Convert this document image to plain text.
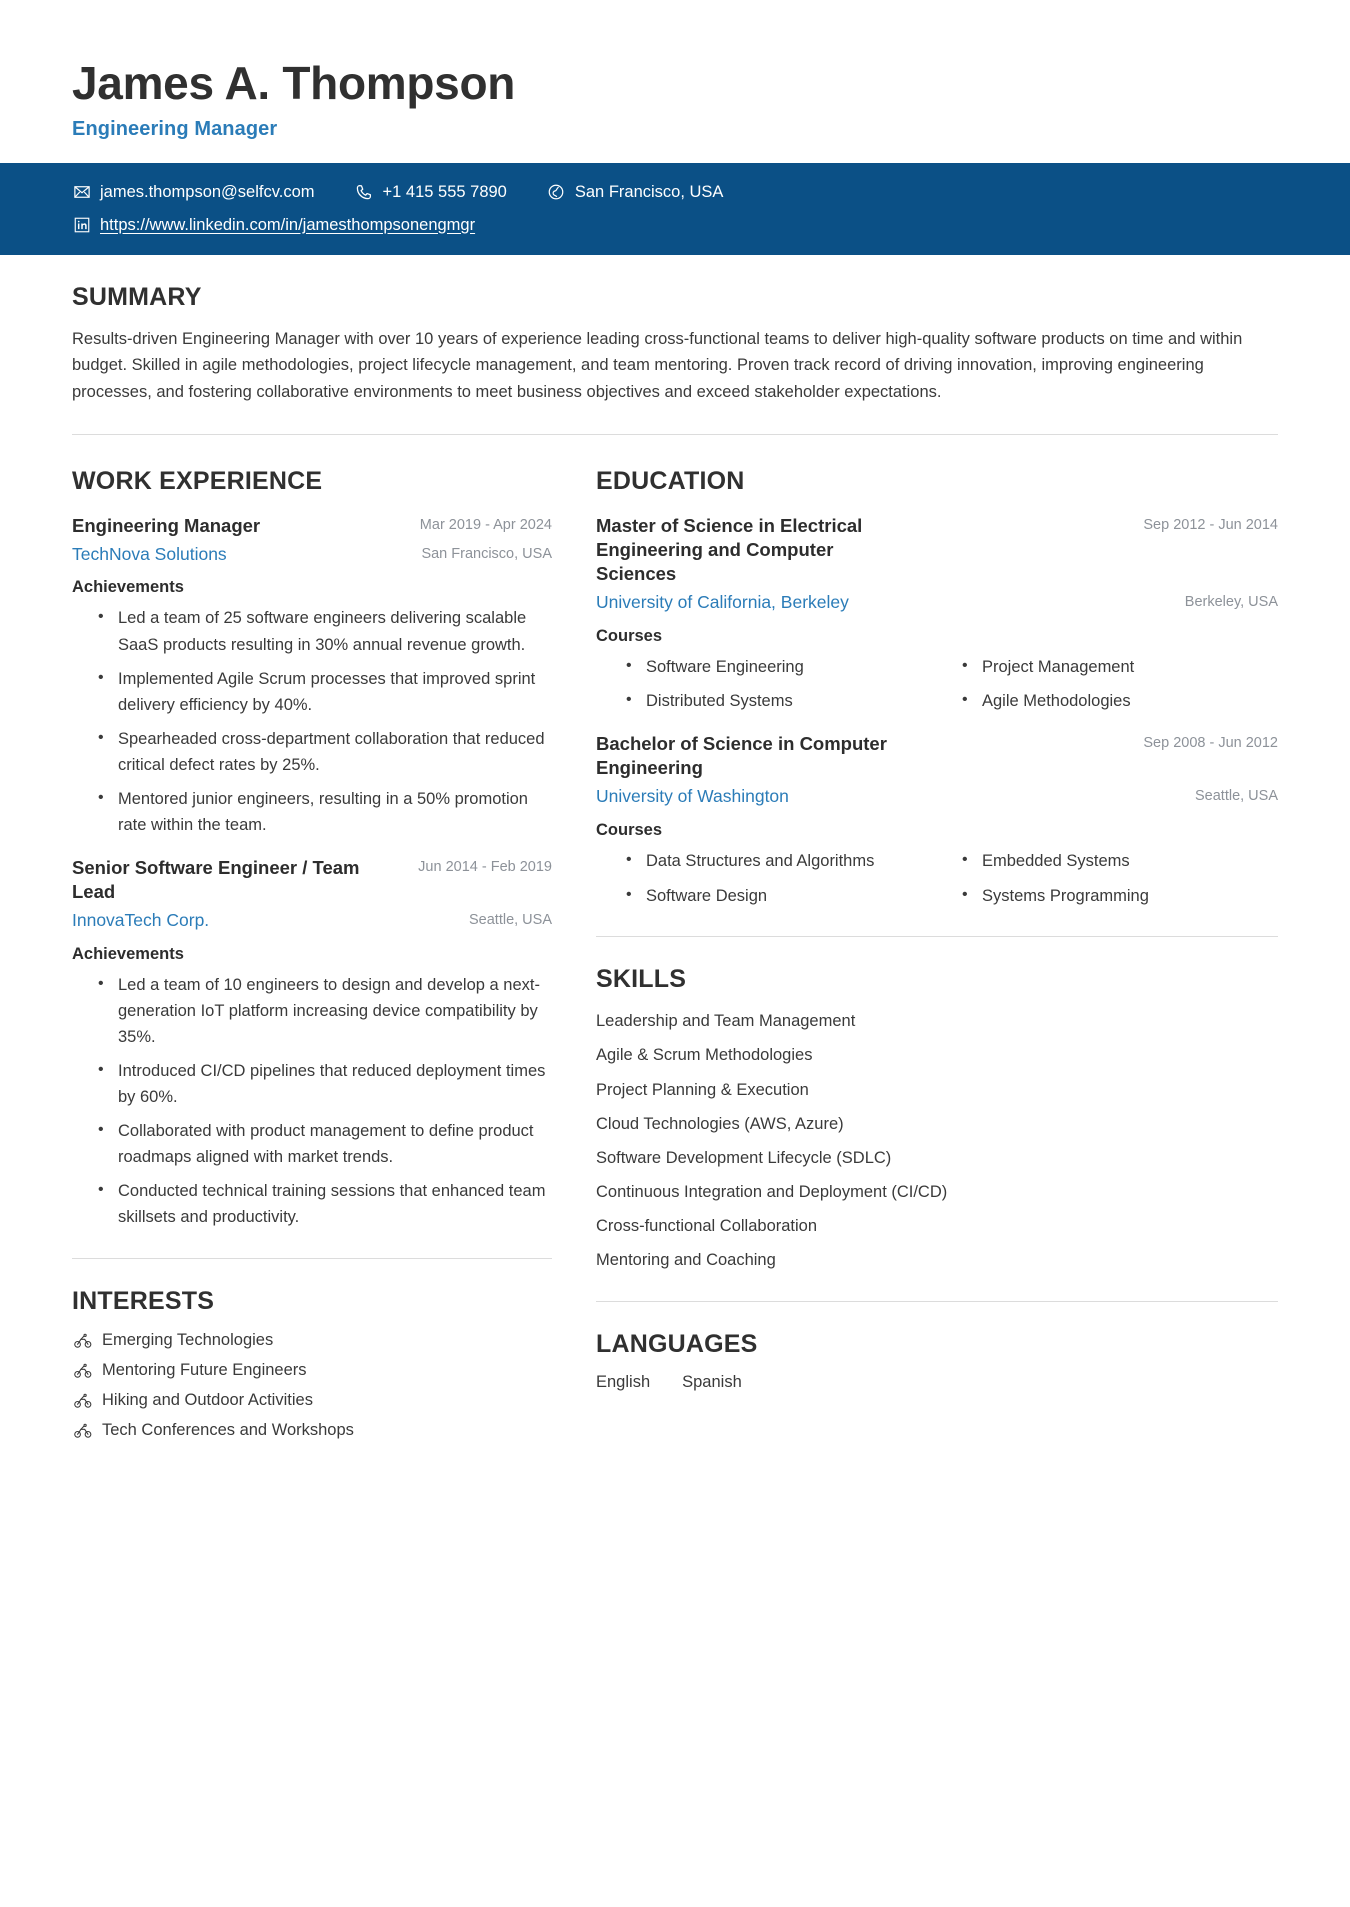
James A. Thompson
Engineering Manager
james.thompson@selfcv.com	+1 415 555 7890	San Francisco, USA
https://www.linkedin.com/in/jamesthompsonengmgr
SUMMARY
Results-driven Engineering Manager with over 10 years of experience leading cross-functional teams to deliver high-quality software products on time and within budget. Skilled in agile methodologies, project lifecycle management, and team mentoring. Proven track record of driving innovation, improving engineering processes, and fostering collaborative environments to meet business objectives and exceed stakeholder expectations.
WORK EXPERIENCE
Engineering Manager	Mar 2019 - Apr 2024
TechNova Solutions	San Francisco, USA
Achievements
• Led a team of 25 software engineers delivering scalable SaaS products resulting in 30% annual revenue growth.
• Implemented Agile Scrum processes that improved sprint delivery efficiency by 40%.
• Spearheaded cross-department collaboration that reduced critical defect rates by 25%.
• Mentored junior engineers, resulting in a 50% promotion rate within the team.
Senior Software Engineer / Team Lead
Jun 2014 - Feb 2019
InnovaTech Corp.	Seattle, USA
Achievements
• Led a team of 10 engineers to design and develop a next-generation IoT platform increasing device compatibility by 35%.
• Introduced CI/CD pipelines that reduced deployment times by 60%.
• Collaborated with product management to define product roadmaps aligned with market trends.
• Conducted technical training sessions that enhanced team skillsets and productivity.
INTERESTS
Emerging Technologies
Mentoring Future Engineers
Hiking and Outdoor Activities
Tech Conferences and Workshops
EDUCATION
Master of Science in Electrical Engineering and Computer Sciences
Sep 2012 - Jun 2014
University of California, Berkeley	Berkeley, USA
Courses
• Software Engineering	• Project Management
• Distributed Systems	• Agile Methodologies
Bachelor of Science in Computer Engineering
Sep 2008 - Jun 2012
University of Washington	Seattle, USA
Courses
• Data Structures and Algorithms	• Embedded Systems
• Software Design	• Systems Programming
SKILLS
Leadership and Team Management
Agile & Scrum Methodologies
Project Planning & Execution
Cloud Technologies (AWS, Azure)
Software Development Lifecycle (SDLC)
Continuous Integration and Deployment (CI/CD)
Cross-functional Collaboration
Mentoring and Coaching
LANGUAGES
English Spanish
